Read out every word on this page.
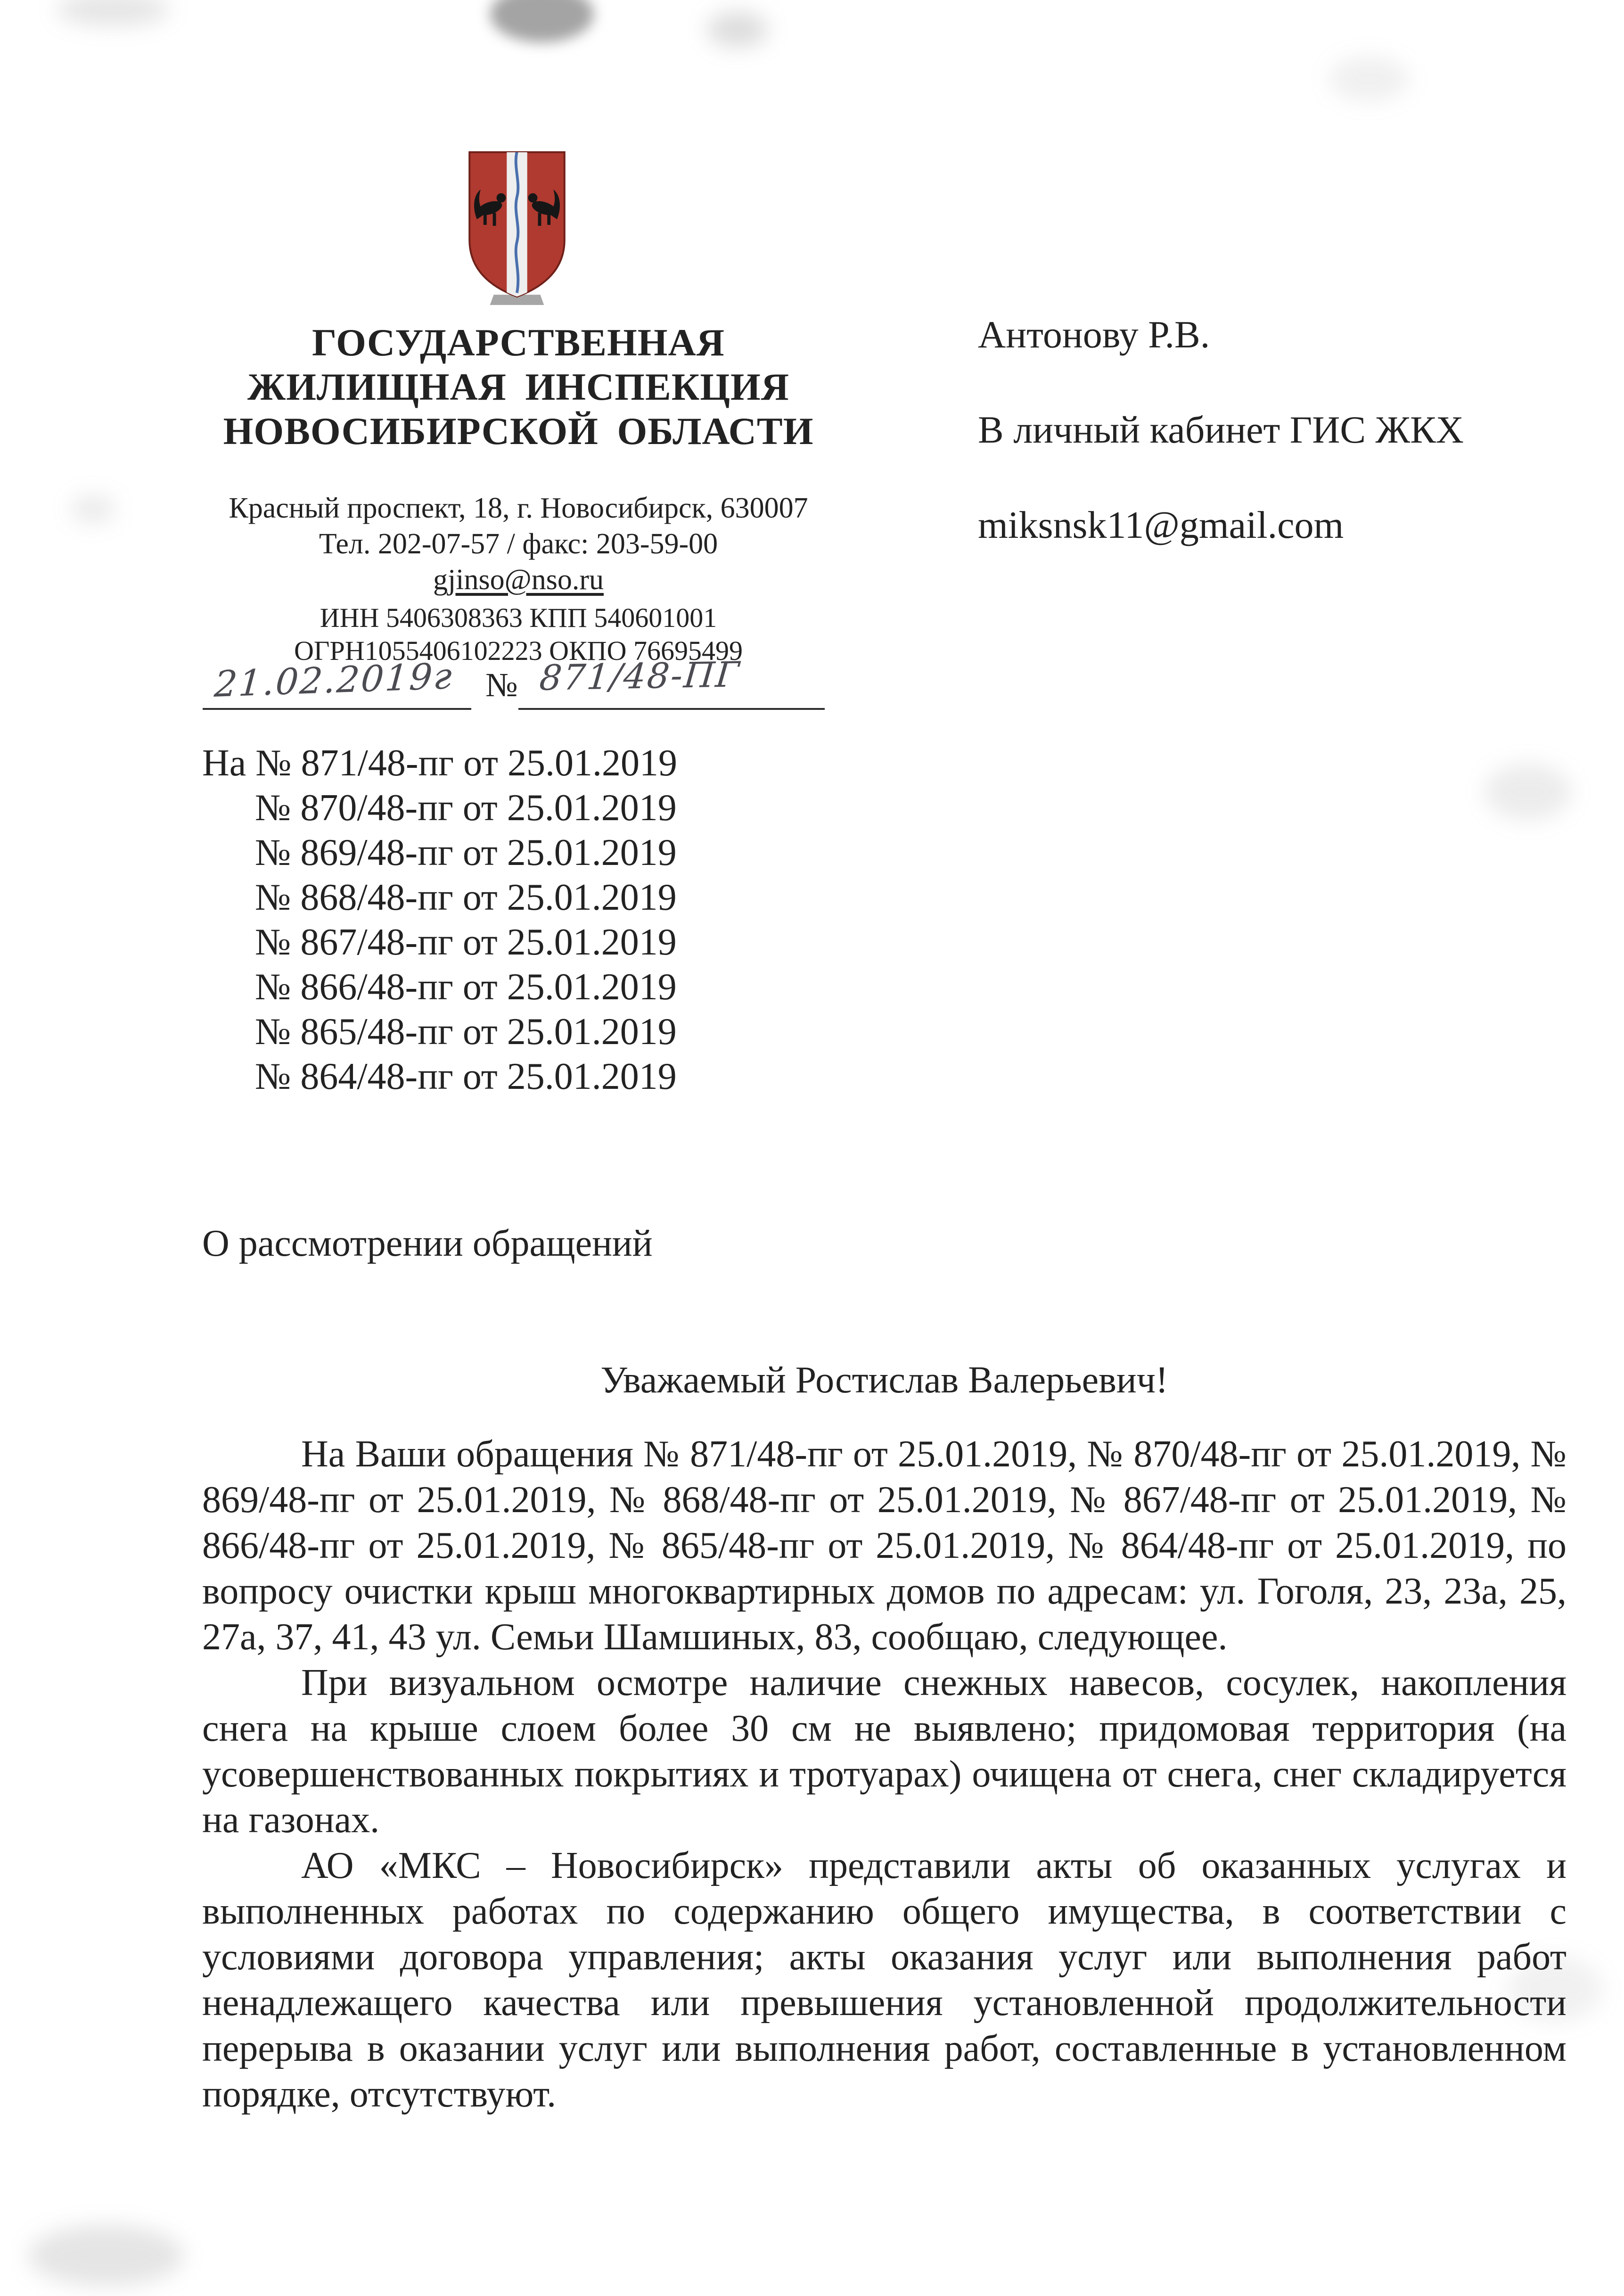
ГОСУДАРСТВЕННАЯ
ЖИЛИЩНАЯ ИНСПЕКЦИЯ
НОВОСИБИРСКОЙ ОБЛАСТИ
Красный проспект, 18, г. Новосибирск, 630007
Тел. 202-07-57 / факс: 203-59-00
gjinso@nso.ru
ИНН 5406308363 КПП 540601001
ОГРН1055406102223 ОКПО 76695499
21.02.2019г № 871/48-ПГ
Антонову Р.В.
В личный кабинет ГИС ЖКХ
miksnsk11@gmail.com
На № 871/48-пг от 25.01.2019
№ 870/48-пг от 25.01.2019
№ 869/48-пг от 25.01.2019
№ 868/48-пг от 25.01.2019
№ 867/48-пг от 25.01.2019
№ 866/48-пг от 25.01.2019
№ 865/48-пг от 25.01.2019
№ 864/48-пг от 25.01.2019
О рассмотрении обращений
Уважаемый Ростислав Валерьевич!

На Ваши обращения № 871/48-пг от 25.01.2019, № 870/48-пг от 25.01.2019, № 869/48-пг от 25.01.2019, № 868/48-пг от 25.01.2019, № 867/48-пг от 25.01.2019, № 866/48-пг от 25.01.2019, № 865/48-пг от 25.01.2019, № 864/48-пг от 25.01.2019, по вопросу очистки крыш многоквартирных домов по адресам: ул. Гоголя, 23, 23а, 25, 27а, 37, 41, 43 ул. Семьи Шамшиных, 83, сообщаю, следующее.

При визуальном осмотре наличие снежных навесов, сосулек, накопления снега на крыше слоем более 30 см не выявлено; придомовая территория (на усовершенствованных покрытиях и тротуарах) очищена от снега, снег складируется на газонах.

АО «МКС – Новосибирск» представили акты об оказанных услугах и выполненных работах по содержанию общего имущества, в соответствии с условиями договора управления; акты оказания услуг или выполнения работ ненадлежащего качества или превышения установленной продолжительности перерыва в оказании услуг или выполнения работ, составленные в установленном порядке, отсутствуют.
